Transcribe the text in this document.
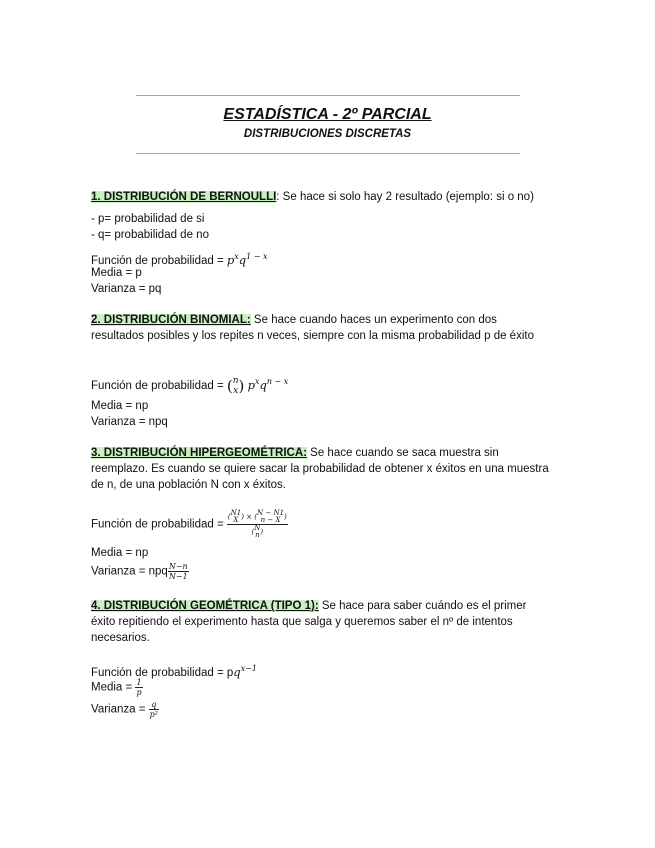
ESTADÍSTICA - 2º PARCIAL
DISTRIBUCIONES DISCRETAS
1. DISTRIBUCIÓN DE BERNOULLI: Se hace si solo hay 2 resultado (ejemplo: si o no)
- p= probabilidad de si
- q= probabilidad de no
Función de probabilidad = $p^xq^{1 - x}$
Media = p
Varianza = pq
2. DISTRIBUCIÓN BINOMIAL: Se hace cuando haces un experimento con dos resultados posibles y los repites n veces, siempre con la misma probabilidad p de éxito
Función de probabilidad = ( n
x ) $p^xq^{n - x}$
Media = np
Varianza = npq
3. DISTRIBUCIÓN HIPERGEOMÉTRICA: Se hace cuando se saca muestra sin reemplazo. Es cuando se quiere sacar la probabilidad de obtener x éxitos en una muestra de n, de una población N con x éxitos.
Función de probabilidad = ( N1
X ) × ( N − N1
n − X )
( N
n )
Media = np
Varianza = npq $\frac{N-n}{N-1}$
4. DISTRIBUCIÓN GEOMÉTRICA (TIPO 1): Se hace para saber cuándo es el primer éxito repitiendo el experimento hasta que salga y queremos saber el nº de intentos necesarios.
Función de probabilidad = $pq^{x-1}$
Media = $\frac{1}{p}$
Varianza = $\frac{q}{\text{p²}}$
